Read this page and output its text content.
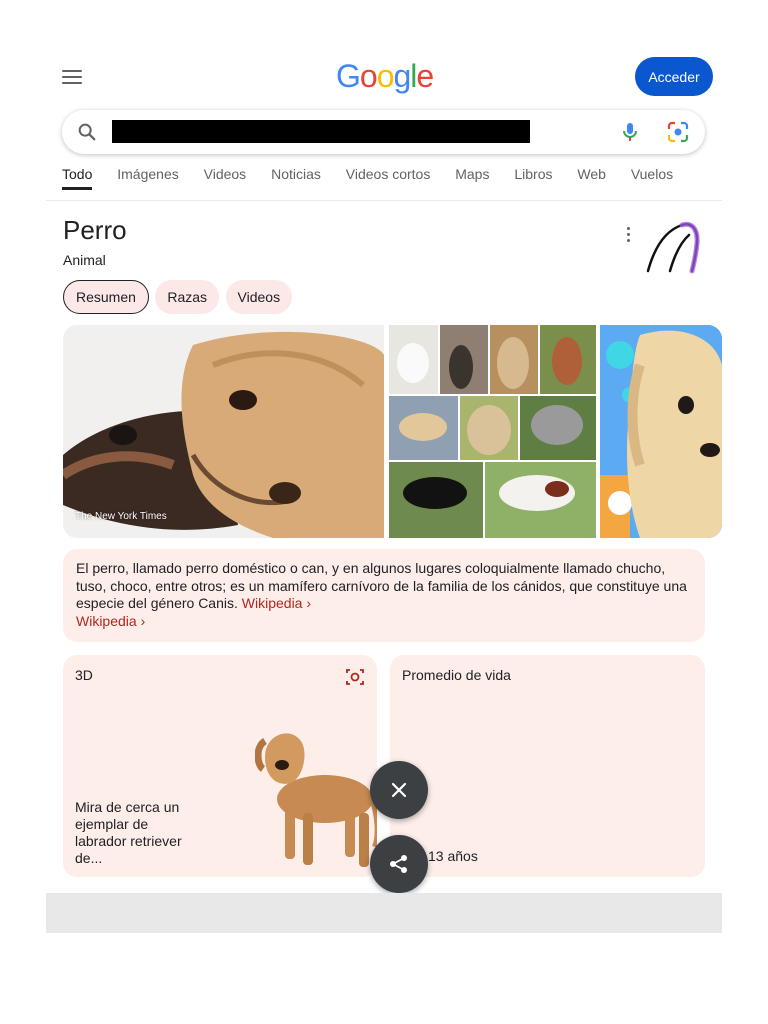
Google	Acceder
Todo Imágenes Videos Noticias Videos cortos Maps Libros Web Vuelos
Perro
Animal
Resumen Razas Videos
The New York Times
El perro, llamado perro doméstico o can, y en algunos lugares coloquialmente llamado chucho, tuso, choco, entre otros; es un mamífero carnívoro de la familia de los cánidos, que constituye una especie del género Canis. Wikipedia ›
Wikipedia ›
3D
Mira de cerca un ejemplar de labrador retriever de...
Promedio de vida
13 años
